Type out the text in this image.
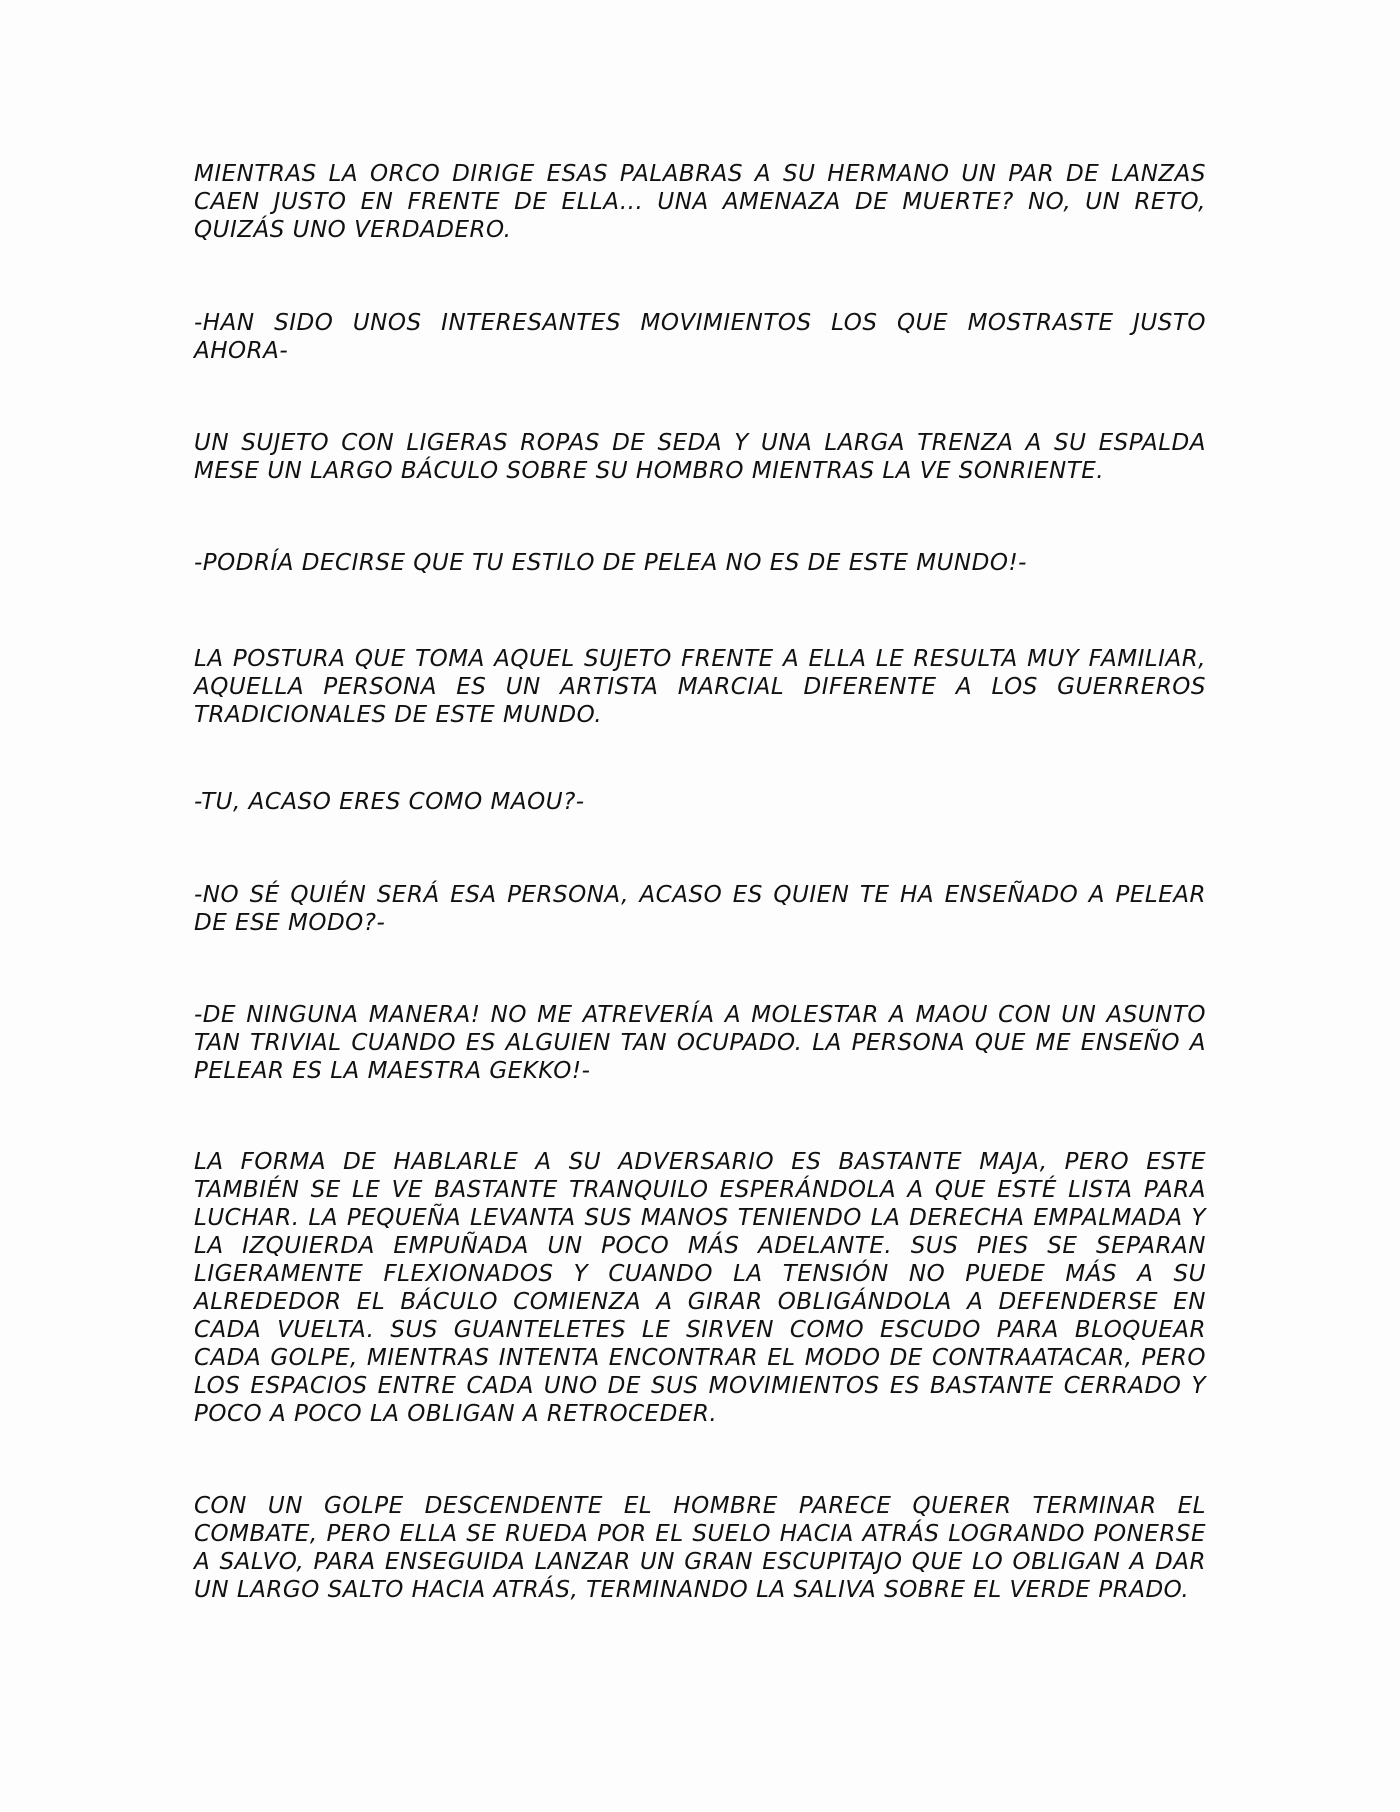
MIENTRAS LA ORCO DIRIGE ESAS PALABRAS A SU HERMANO UN PAR DE LANZAS CAEN JUSTO EN FRENTE DE ELLA... UNA AMENAZA DE MUERTE? NO, UN RETO, QUIZÁS UNO VERDADERO.

-HAN SIDO UNOS INTERESANTES MOVIMIENTOS LOS QUE MOSTRASTE JUSTO AHORA-

UN SUJETO CON LIGERAS ROPAS DE SEDA Y UNA LARGA TRENZA A SU ESPALDA MESE UN LARGO BÁCULO SOBRE SU HOMBRO MIENTRAS LA VE SONRIENTE.

-PODRÍA DECIRSE QUE TU ESTILO DE PELEA NO ES DE ESTE MUNDO!-

LA POSTURA QUE TOMA AQUEL SUJETO FRENTE A ELLA LE RESULTA MUY FAMILIAR, AQUELLA PERSONA ES UN ARTISTA MARCIAL DIFERENTE A LOS GUERREROS TRADICIONALES DE ESTE MUNDO.

-TU, ACASO ERES COMO MAOU?-

-NO SÉ QUIÉN SERÁ ESA PERSONA, ACASO ES QUIEN TE HA ENSEÑADO A PELEAR DE ESE MODO?-

-DE NINGUNA MANERA! NO ME ATREVERÍA A MOLESTAR A MAOU CON UN ASUNTO TAN TRIVIAL CUANDO ES ALGUIEN TAN OCUPADO. LA PERSONA QUE ME ENSEÑO A PELEAR ES LA MAESTRA GEKKO!-

LA FORMA DE HABLARLE A SU ADVERSARIO ES BASTANTE MAJA, PERO ESTE TAMBIÉN SE LE VE BASTANTE TRANQUILO ESPERÁNDOLA A QUE ESTÉ LISTA PARA LUCHAR. LA PEQUEÑA LEVANTA SUS MANOS TENIENDO LA DERECHA EMPALMADA Y LA IZQUIERDA EMPUÑADA UN POCO MÁS ADELANTE. SUS PIES SE SEPARAN LIGERAMENTE FLEXIONADOS Y CUANDO LA TENSIÓN NO PUEDE MÁS A SU ALREDEDOR EL BÁCULO COMIENZA A GIRAR OBLIGÁNDOLA A DEFENDERSE EN CADA VUELTA. SUS GUANTELETES LE SIRVEN COMO ESCUDO PARA BLOQUEAR CADA GOLPE, MIENTRAS INTENTA ENCONTRAR EL MODO DE CONTRAATACAR, PERO LOS ESPACIOS ENTRE CADA UNO DE SUS MOVIMIENTOS ES BASTANTE CERRADO Y POCO A POCO LA OBLIGAN A RETROCEDER.

CON UN GOLPE DESCENDENTE EL HOMBRE PARECE QUERER TERMINAR EL COMBATE, PERO ELLA SE RUEDA POR EL SUELO HACIA ATRÁS LOGRANDO PONERSE A SALVO, PARA ENSEGUIDA LANZAR UN GRAN ESCUPITAJO QUE LO OBLIGAN A DAR UN LARGO SALTO HACIA ATRÁS, TERMINANDO LA SALIVA SOBRE EL VERDE PRADO.
